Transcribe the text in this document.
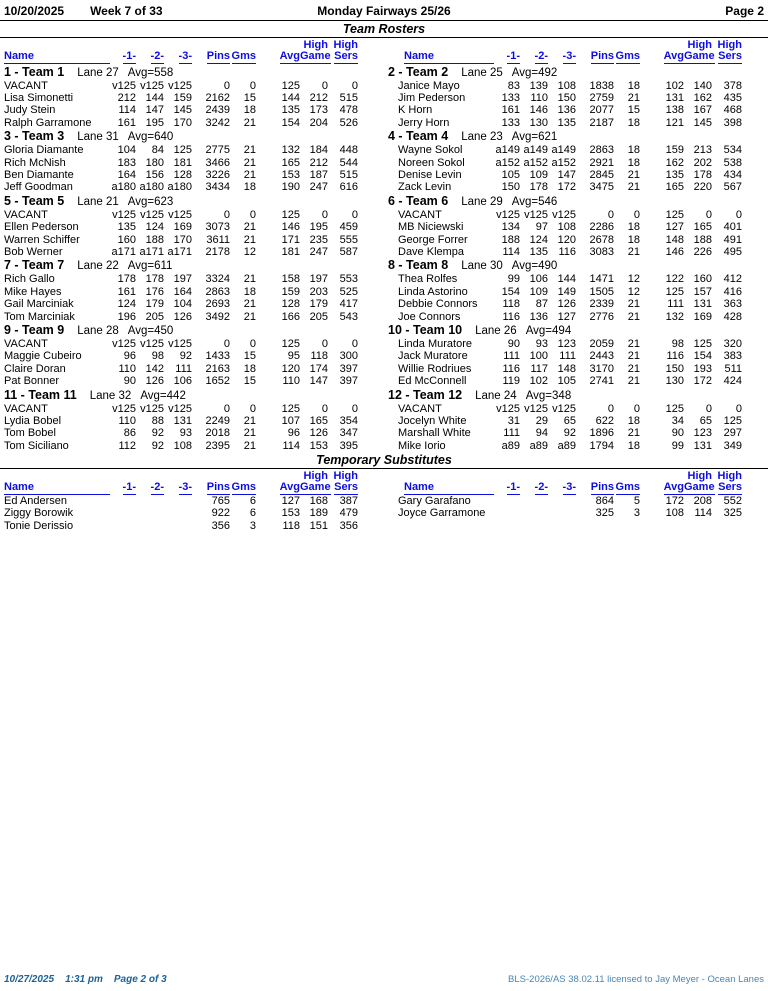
10/20/2025 Week 7 of 33	Monday Fairways 25/26	Page 2
Team Rosters
Name	-1-	-2-	-3-	Pins Gms	Avg
High
Game
High
Sers	Name	-1-	-2-	-3-	Pins Gms	Avg
High
Game
High
Sers
1 - Team 1 Lane 27 Avg=558
VACANT	v125 v125 v125	0	0	125	0	0
Lisa Simonetti	212 144 159	2162	15	144 212	515
Judy Stein	114 147 145	2439	18	135 173	478
Ralph Garramone	161 195 170	3242	21	154 204	526
3 - Team 3 Lane 31 Avg=640
Gloria Diamante	104	84 125	2775	21	132 184	448
Rich McNish	183 180 181	3466	21	165 212	544
Ben Diamante	164 156 128	3226	21	153 187	515
Jeff Goodman	a180 a180 a180	3434	18	190 247	616
5 - Team 5 Lane 21 Avg=623
VACANT	v125 v125 v125	0	0	125	0	0
Ellen Pederson	135 124 169	3073	21	146 195	459
Warren Schiffer	160 188 170	3611	21	171 235	555
Bob Werner	a171 a171 a171	2178	12	181 247	587
7 - Team 7 Lane 22 Avg=611
Rich Gallo	178 178 197	3324	21	158 197	553
Mike Hayes	161 176 164	2863	18	159 203	525
Gail Marciniak	124 179 104	2693	21	128 179	417
Tom Marciniak	196 205 126	3492	21	166 205	543
9 - Team 9 Lane 28 Avg=450
VACANT	v125 v125 v125	0	0	125	0	0
Maggie Cubeiro	96	98	92	1433	15	95 118	300
Claire Doran	110 142	111	2163	18	120 174	397
Pat Bonner	90 126 106	1652	15	110 147	397
11 - Team 11 Lane 32 Avg=442
VACANT	v125 v125 v125	0	0	125	0	0
Lydia Bobel	110	88 131	2249	21	107 165	354
Tom Bobel	86	92	93	2018	21	96 126	347
Tom Siciliano	112	92 108	2395	21	114 153	395
2 - Team 2 Lane 25 Avg=492
Janice Mayo	83 139 108	1838	18	102 140	378
Jim Pederson	133 110 150	2759	21	131 162	435
K Horn	161 146 136	2077	15	138 167	468
Jerry Horn	133 130 135	2187	18	121 145	398
4 - Team 4 Lane 23 Avg=621
Wayne Sokol	a149 a149 a149	2863	18	159 213	534
Noreen Sokol	a152 a152 a152	2921	18	162 202	538
Denise Levin	105 109 147	2845	21	135 178	434
Zack Levin	150 178 172	3475	21	165 220	567
6 - Team 6 Lane 29 Avg=546
VACANT	v125 v125 v125	0	0	125	0	0
MB Niciewski	134	97 108	2286	18	127 165	401
George Forrer	188 124 120	2678	18	148 188	491
Dave Klempa	114 135 116	3083	21	146 226	495
8 - Team 8 Lane 30 Avg=490
Thea Rolfes	99 106 144	1471	12	122 160	412
Linda Astorino	154 109 149	1505	12	125 157	416
Debbie Connors	118	87 126	2339	21	111 131	363
Joe Connors	116 136 127	2776	21	132 169	428
10 - Team 10 Lane 26 Avg=494
Linda Muratore	90	93 123	2059	21	98 125	320
Jack Muratore	111 100	111	2443	21	116 154	383
Willie Rodriues	116 117 148	3170	21	150 193	511
Ed McConnell	119 102 105	2741	21	130 172	424
12 - Team 12 Lane 24 Avg=348
VACANT	v125 v125 v125	0	0	125	0	0
Jocelyn White	31	29	65	622	18	34	65	125
Marshall White	111	94	92	1896	21	90 123	297
Mike Iorio	a89 a89 a89	1794	18	99 131	349
Temporary Substitutes
Name	-1-	-2-	-3-	Pins Gms	Avg
High
Game
High
Sers	Name	-1-	-2-	-3-	Pins Gms	Avg
High
Game
High
Sers
Ed Andersen	765	6	127 168	387
Ziggy Borowik	922	6	153 189	479
Tonie Derissio	356	3	118 151	356
Gary Garafano	864	5	172 208	552
Joyce Garramone	325	3	108 114	325
10/27/2025 1:31 pm Page 2 of 3	BLS-2026/AS 38.02.11 licensed to Jay Meyer - Ocean Lanes
